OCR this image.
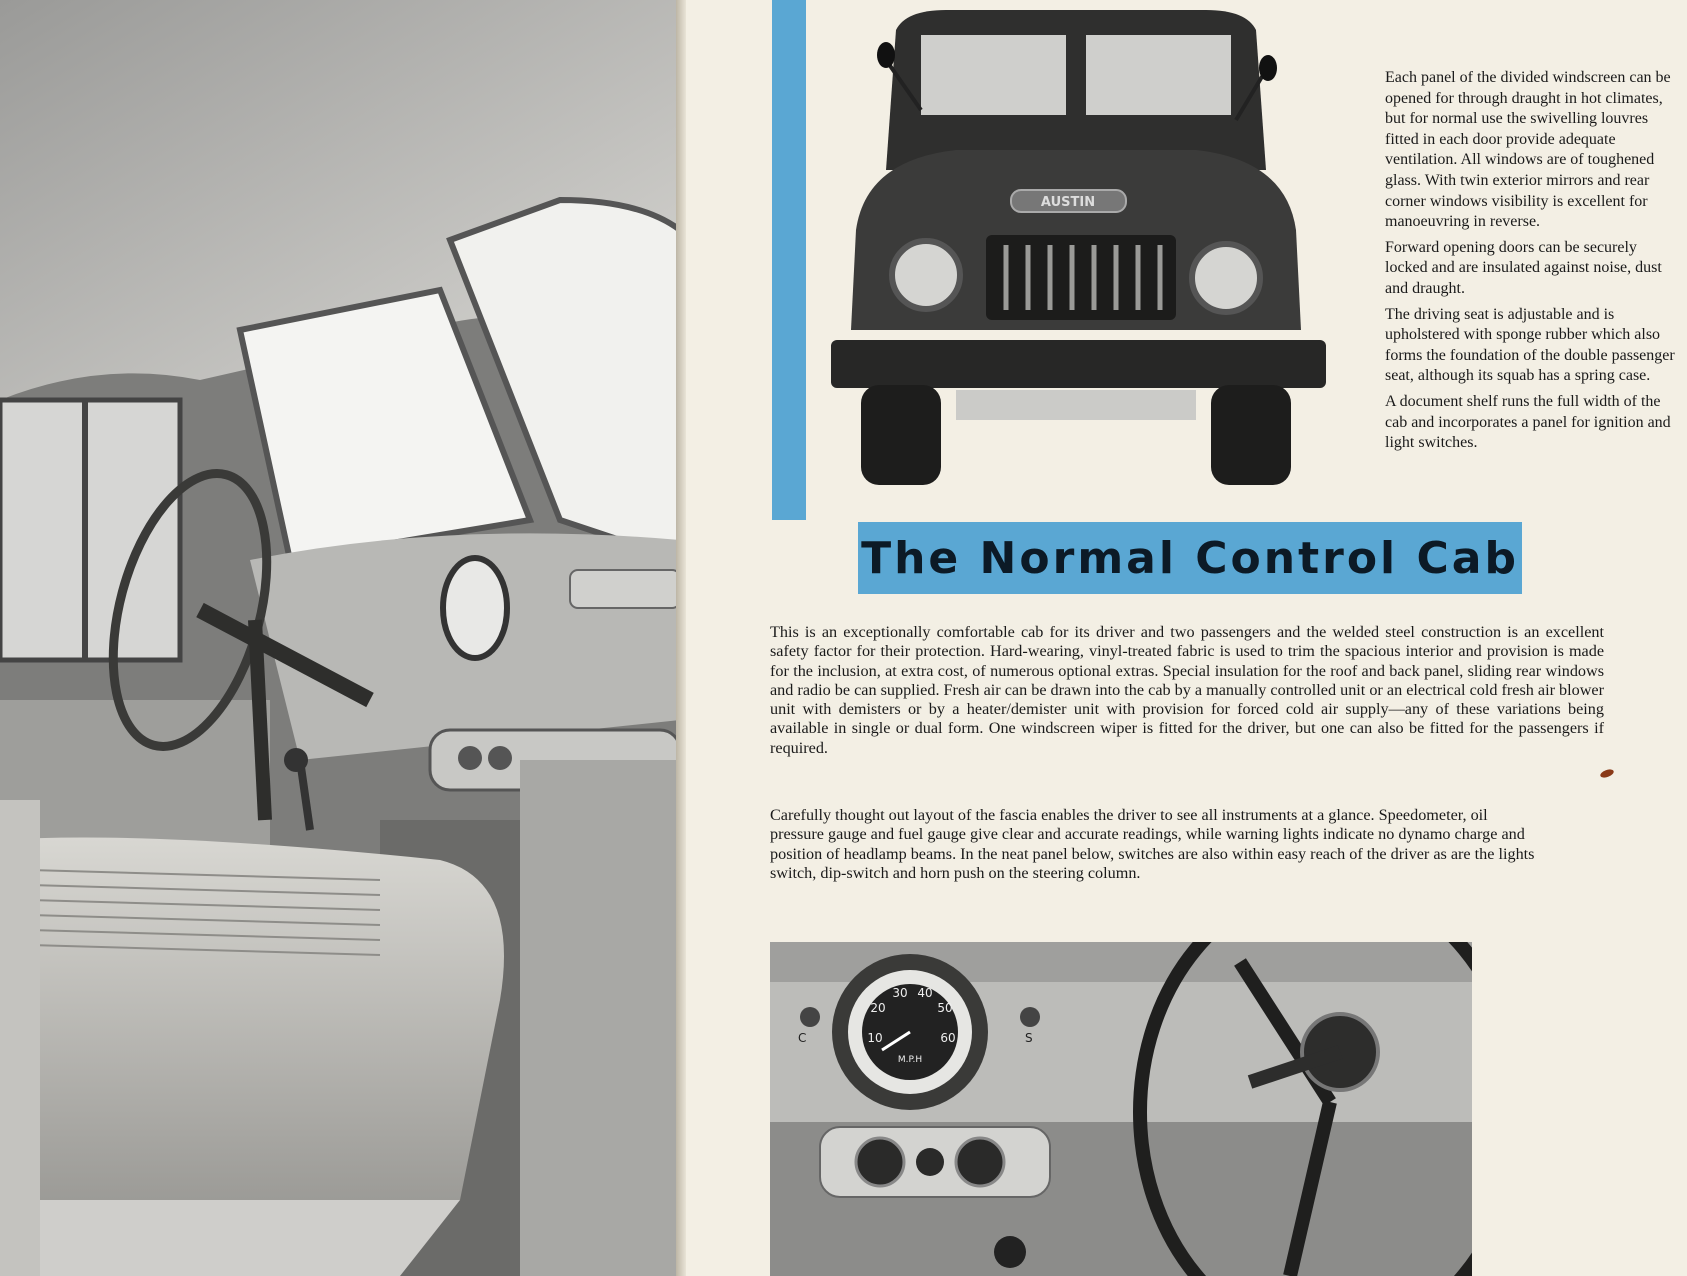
AUSTIN

Each panel of the divided windscreen can be opened for through draught in hot climates, but for normal use the swivelling louvres fitted in each door provide adequate ventilation. All windows are of toughened glass. With twin exterior mirrors and rear corner windows visibility is excellent for manoeuvring in reverse.

Forward opening doors can be securely locked and are insulated against noise, dust and draught.

The driving seat is adjustable and is upholstered with sponge rubber which also forms the foundation of the double passenger seat, although its squab has a spring case.

A document shelf runs the full width of the cab and incorporates a panel for ignition and light switches.

The Normal Control Cab

This is an exceptionally comfortable cab for its driver and two passengers and the welded steel construction is an excellent safety factor for their protection. Hard-wearing, vinyl-treated fabric is used to trim the spacious interior and provision is made for the inclusion, at extra cost, of numerous optional extras. Special insulation for the roof and back panel, sliding rear windows and radio be can supplied. Fresh air can be drawn into the cab by a manually controlled unit or an electrical cold fresh air blower unit with demisters or by a heater/demister unit with provision for forced cold air supply—any of these variations being available in single or dual form. One windscreen wiper is fitted for the driver, but one can also be fitted for the passengers if required.

Carefully thought out layout of the fascia enables the driver to see all instruments at a glance. Speedometer, oil pressure gauge and fuel gauge give clear and accurate readings, while warning lights indicate no dynamo charge and position of headlamp beams. In the neat panel below, switches are also within easy reach of the driver as are the lights switch, dip-switch and horn push on the steering column.

10
20
30 40
50
60
M.P.H
C	S
